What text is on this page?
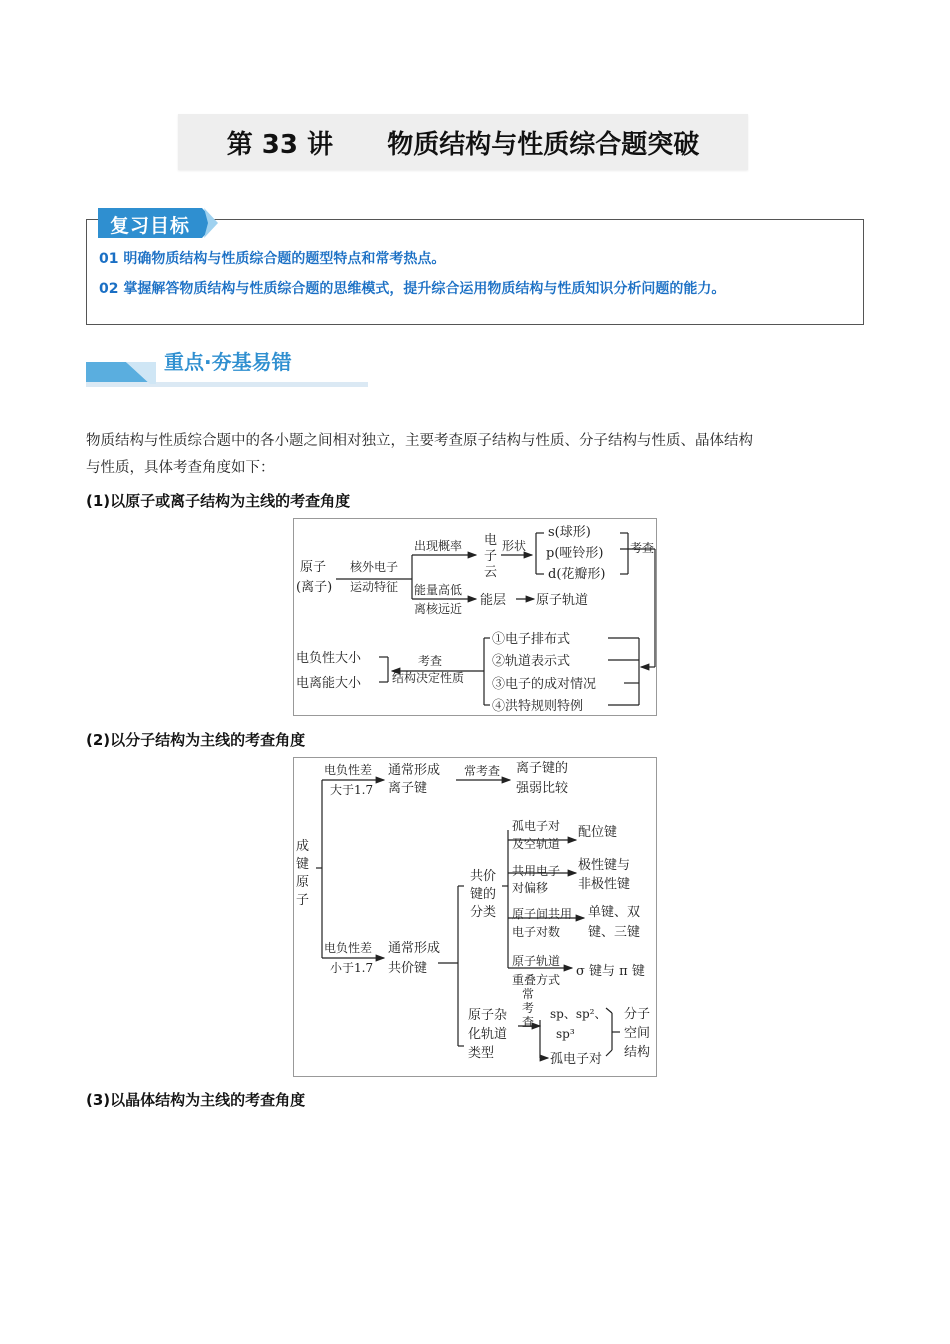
第 33 讲      物质结构与性质综合题突破
复习目标
01 明确物质结构与性质综合题的题型特点和常考热点。
02 掌握解答物质结构与性质综合题的思维模式，提升综合运用物质结构与性质知识分析问题的能力。
重点·夯基易错
物质结构与性质综合题中的各小题之间相对独立，主要考查原子结构与性质、分子结构与性质、晶体结构
与性质，具体考查角度如下：
(1)以原子或离子结构为主线的考查角度
原子
(离子)
核外电子
运动特征
出现概率 电
子
云
形状
s(球形)
p(哑铃形)
d(花瓣形)
考查
能量高低
离核远近
能层 原子轨道
①电子排布式
②轨道表示式
③电子的成对情况
④洪特规则特例
考查
结构决定性质
电负性大小
电离能大小
(2)以分子结构为主线的考查角度
成
键
原
子
电负性差
大于1.7
通常形成
离子键
常考查 离子键的
强弱比较
电负性差
小于1.7
通常形成
共价键
共价
键的
分类
孤电子对
及空轨道
配位键
共用电子
对偏移
极性键与
非极性键
原子间共用
电子对数
单键、双
键、三键
原子轨道
重叠方式
σ 键与 π 键
原子杂
化轨道
类型
常
考
查
sp、sp²、
sp³
孤电子对
分子
空间
结构
(3)以晶体结构为主线的考查角度
